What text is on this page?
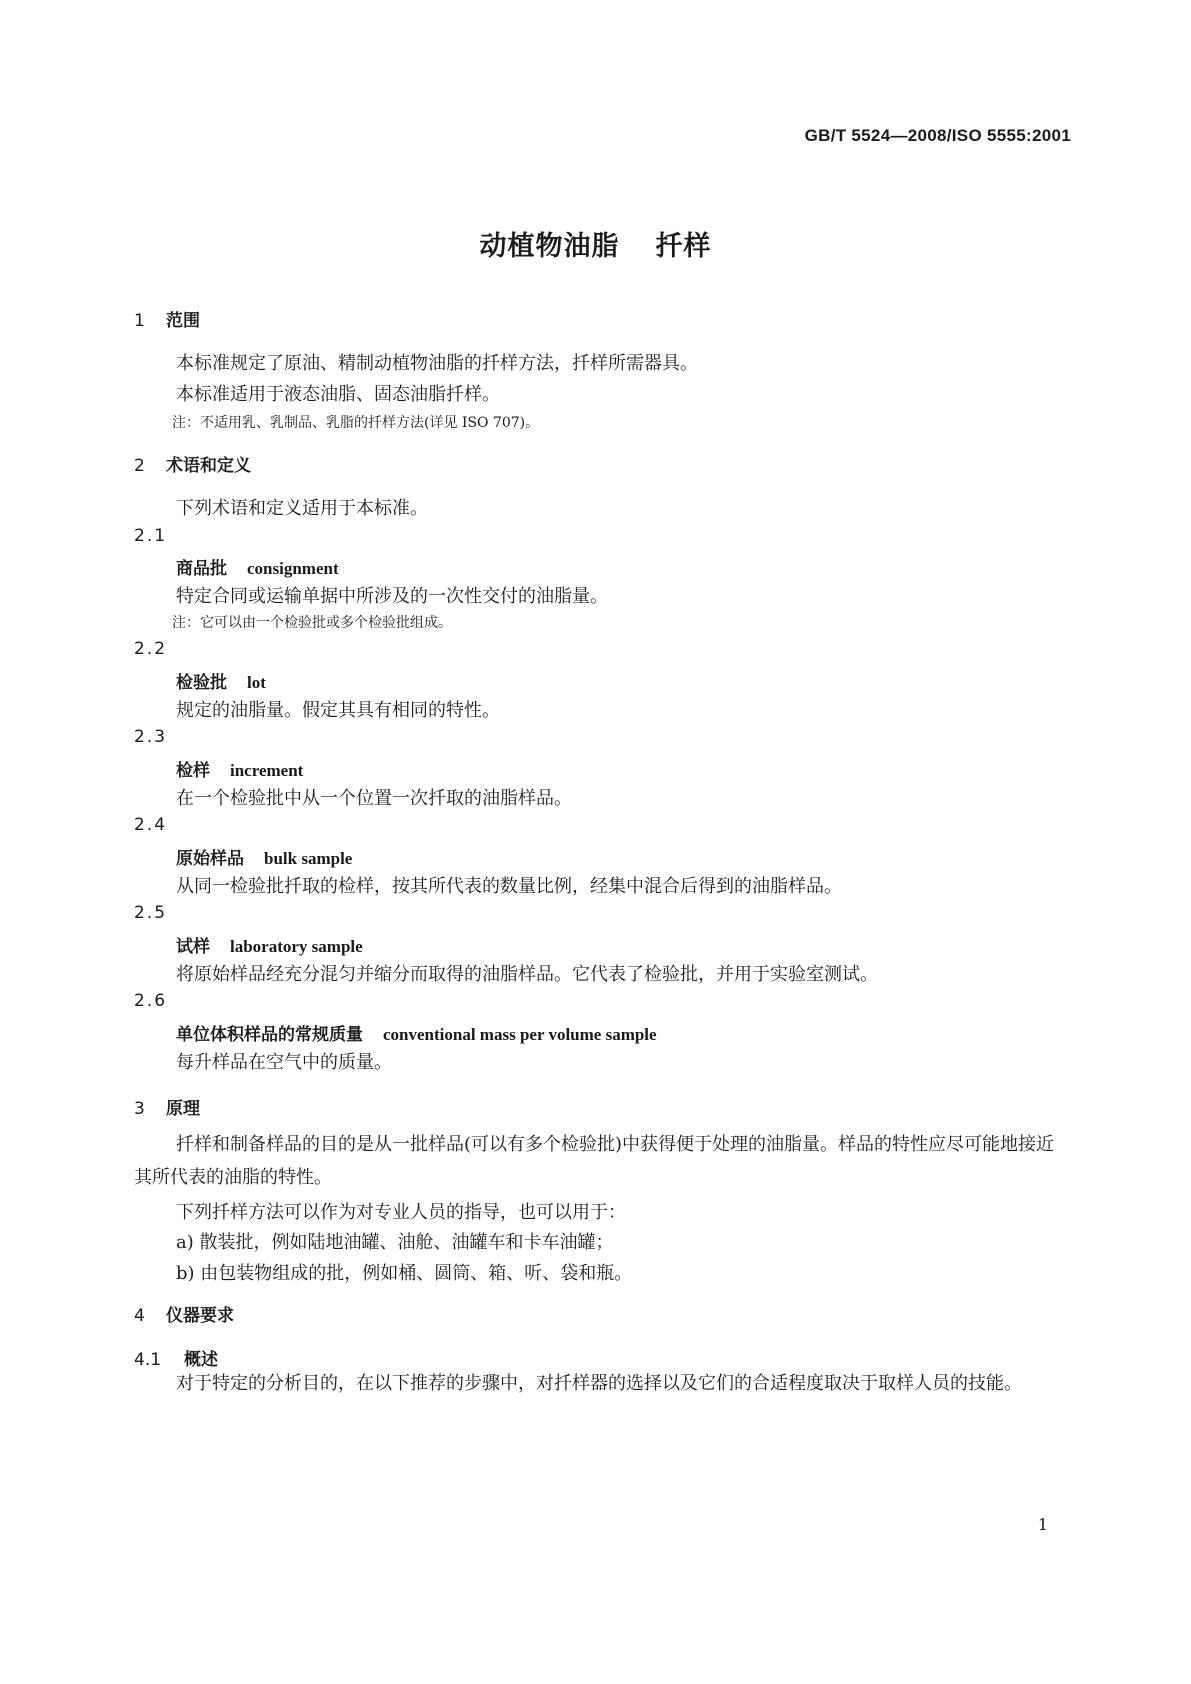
GB/T 5524—2008/ISO 5555:2001
动植物油脂 扦样
1 范围
本标准规定了原油、精制动植物油脂的扦样方法，扦样所需器具。
本标准适用于液态油脂、固态油脂扦样。
注：不适用乳、乳制品、乳脂的扦样方法(详见 ISO 707)。
2 术语和定义
下列术语和定义适用于本标准。
2.1
商品批 consignment
特定合同或运输单据中所涉及的一次性交付的油脂量。
注：它可以由一个检验批或多个检验批组成。
2.2
检验批 lot
规定的油脂量。假定其具有相同的特性。
2.3
检样 increment
在一个检验批中从一个位置一次扦取的油脂样品。
2.4
原始样品 bulk sample
从同一检验批扦取的检样，按其所代表的数量比例，经集中混合后得到的油脂样品。
2.5
试样 laboratory sample
将原始样品经充分混匀并缩分而取得的油脂样品。它代表了检验批，并用于实验室测试。
2.6
单位体积样品的常规质量 conventional mass per volume sample
每升样品在空气中的质量。
3 原理
扦样和制备样品的目的是从一批样品(可以有多个检验批)中获得便于处理的油脂量。样品的特性应尽可能地接近其所代表的油脂的特性。
下列扦样方法可以作为对专业人员的指导，也可以用于：
a) 散装批，例如陆地油罐、油舱、油罐车和卡车油罐；
b) 由包装物组成的批，例如桶、圆筒、箱、听、袋和瓶。
4 仪器要求
4.1 概述
对于特定的分析目的，在以下推荐的步骤中，对扦样器的选择以及它们的合适程度取决于取样人员的技能。
1
